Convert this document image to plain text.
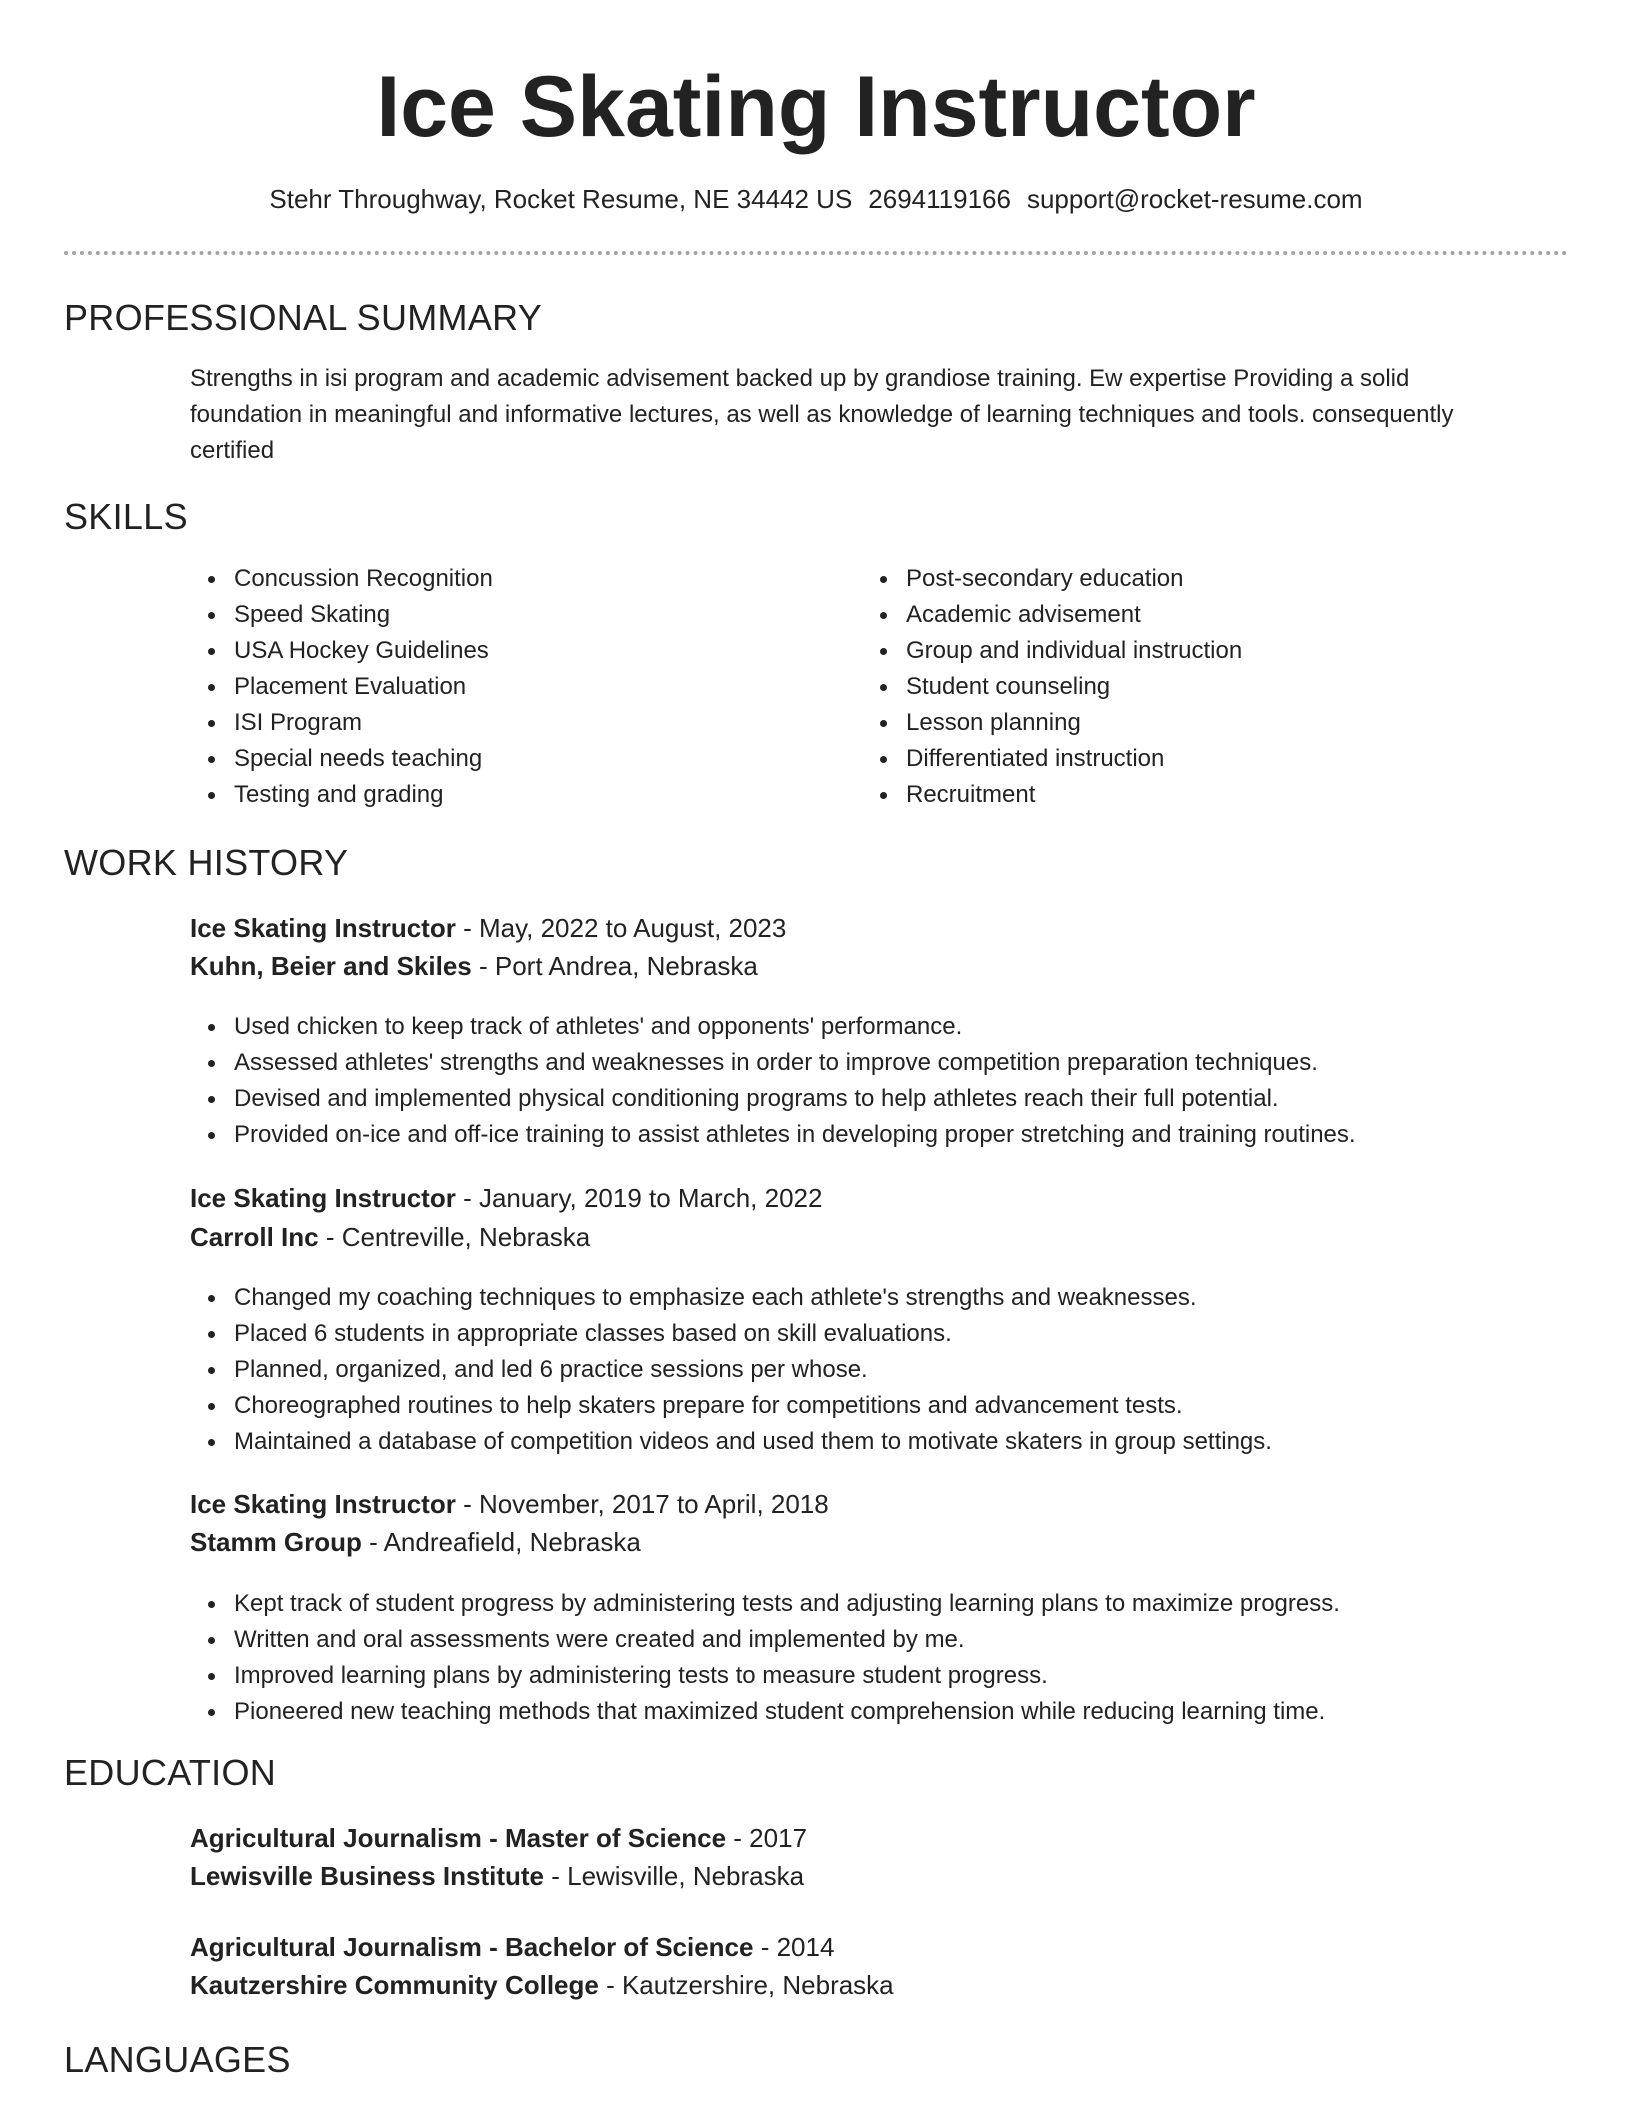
Ice Skating Instructor
Stehr Throughway, Rocket Resume, NE 34442 US 2694119166 support@rocket-resume.com
PROFESSIONAL SUMMARY

Strengths in isi program and academic advisement backed up by grandiose training. Ew expertise Providing a solid foundation in meaningful and informative lectures, as well as knowledge of learning techniques and tools. consequently certified

SKILLS
Concussion Recognition
Speed Skating
USA Hockey Guidelines
Placement Evaluation
ISI Program
Special needs teaching
Testing and grading
Post-secondary education
Academic advisement
Group and individual instruction
Student counseling
Lesson planning
Differentiated instruction
Recruitment
WORK HISTORY
Ice Skating Instructor - May, 2022 to August, 2023
Kuhn, Beier and Skiles - Port Andrea, Nebraska
Used chicken to keep track of athletes' and opponents' performance.
Assessed athletes' strengths and weaknesses in order to improve competition preparation techniques.
Devised and implemented physical conditioning programs to help athletes reach their full potential.
Provided on-ice and off-ice training to assist athletes in developing proper stretching and training routines.
Ice Skating Instructor - January, 2019 to March, 2022
Carroll Inc - Centreville, Nebraska
Changed my coaching techniques to emphasize each athlete's strengths and weaknesses.
Placed 6 students in appropriate classes based on skill evaluations.
Planned, organized, and led 6 practice sessions per whose.
Choreographed routines to help skaters prepare for competitions and advancement tests.
Maintained a database of competition videos and used them to motivate skaters in group settings.
Ice Skating Instructor - November, 2017 to April, 2018
Stamm Group - Andreafield, Nebraska
Kept track of student progress by administering tests and adjusting learning plans to maximize progress.
Written and oral assessments were created and implemented by me.
Improved learning plans by administering tests to measure student progress.
Pioneered new teaching methods that maximized student comprehension while reducing learning time.
EDUCATION
Agricultural Journalism - Master of Science - 2017
Lewisville Business Institute - Lewisville, Nebraska
Agricultural Journalism - Bachelor of Science - 2014
Kautzershire Community College - Kautzershire, Nebraska
LANGUAGES
